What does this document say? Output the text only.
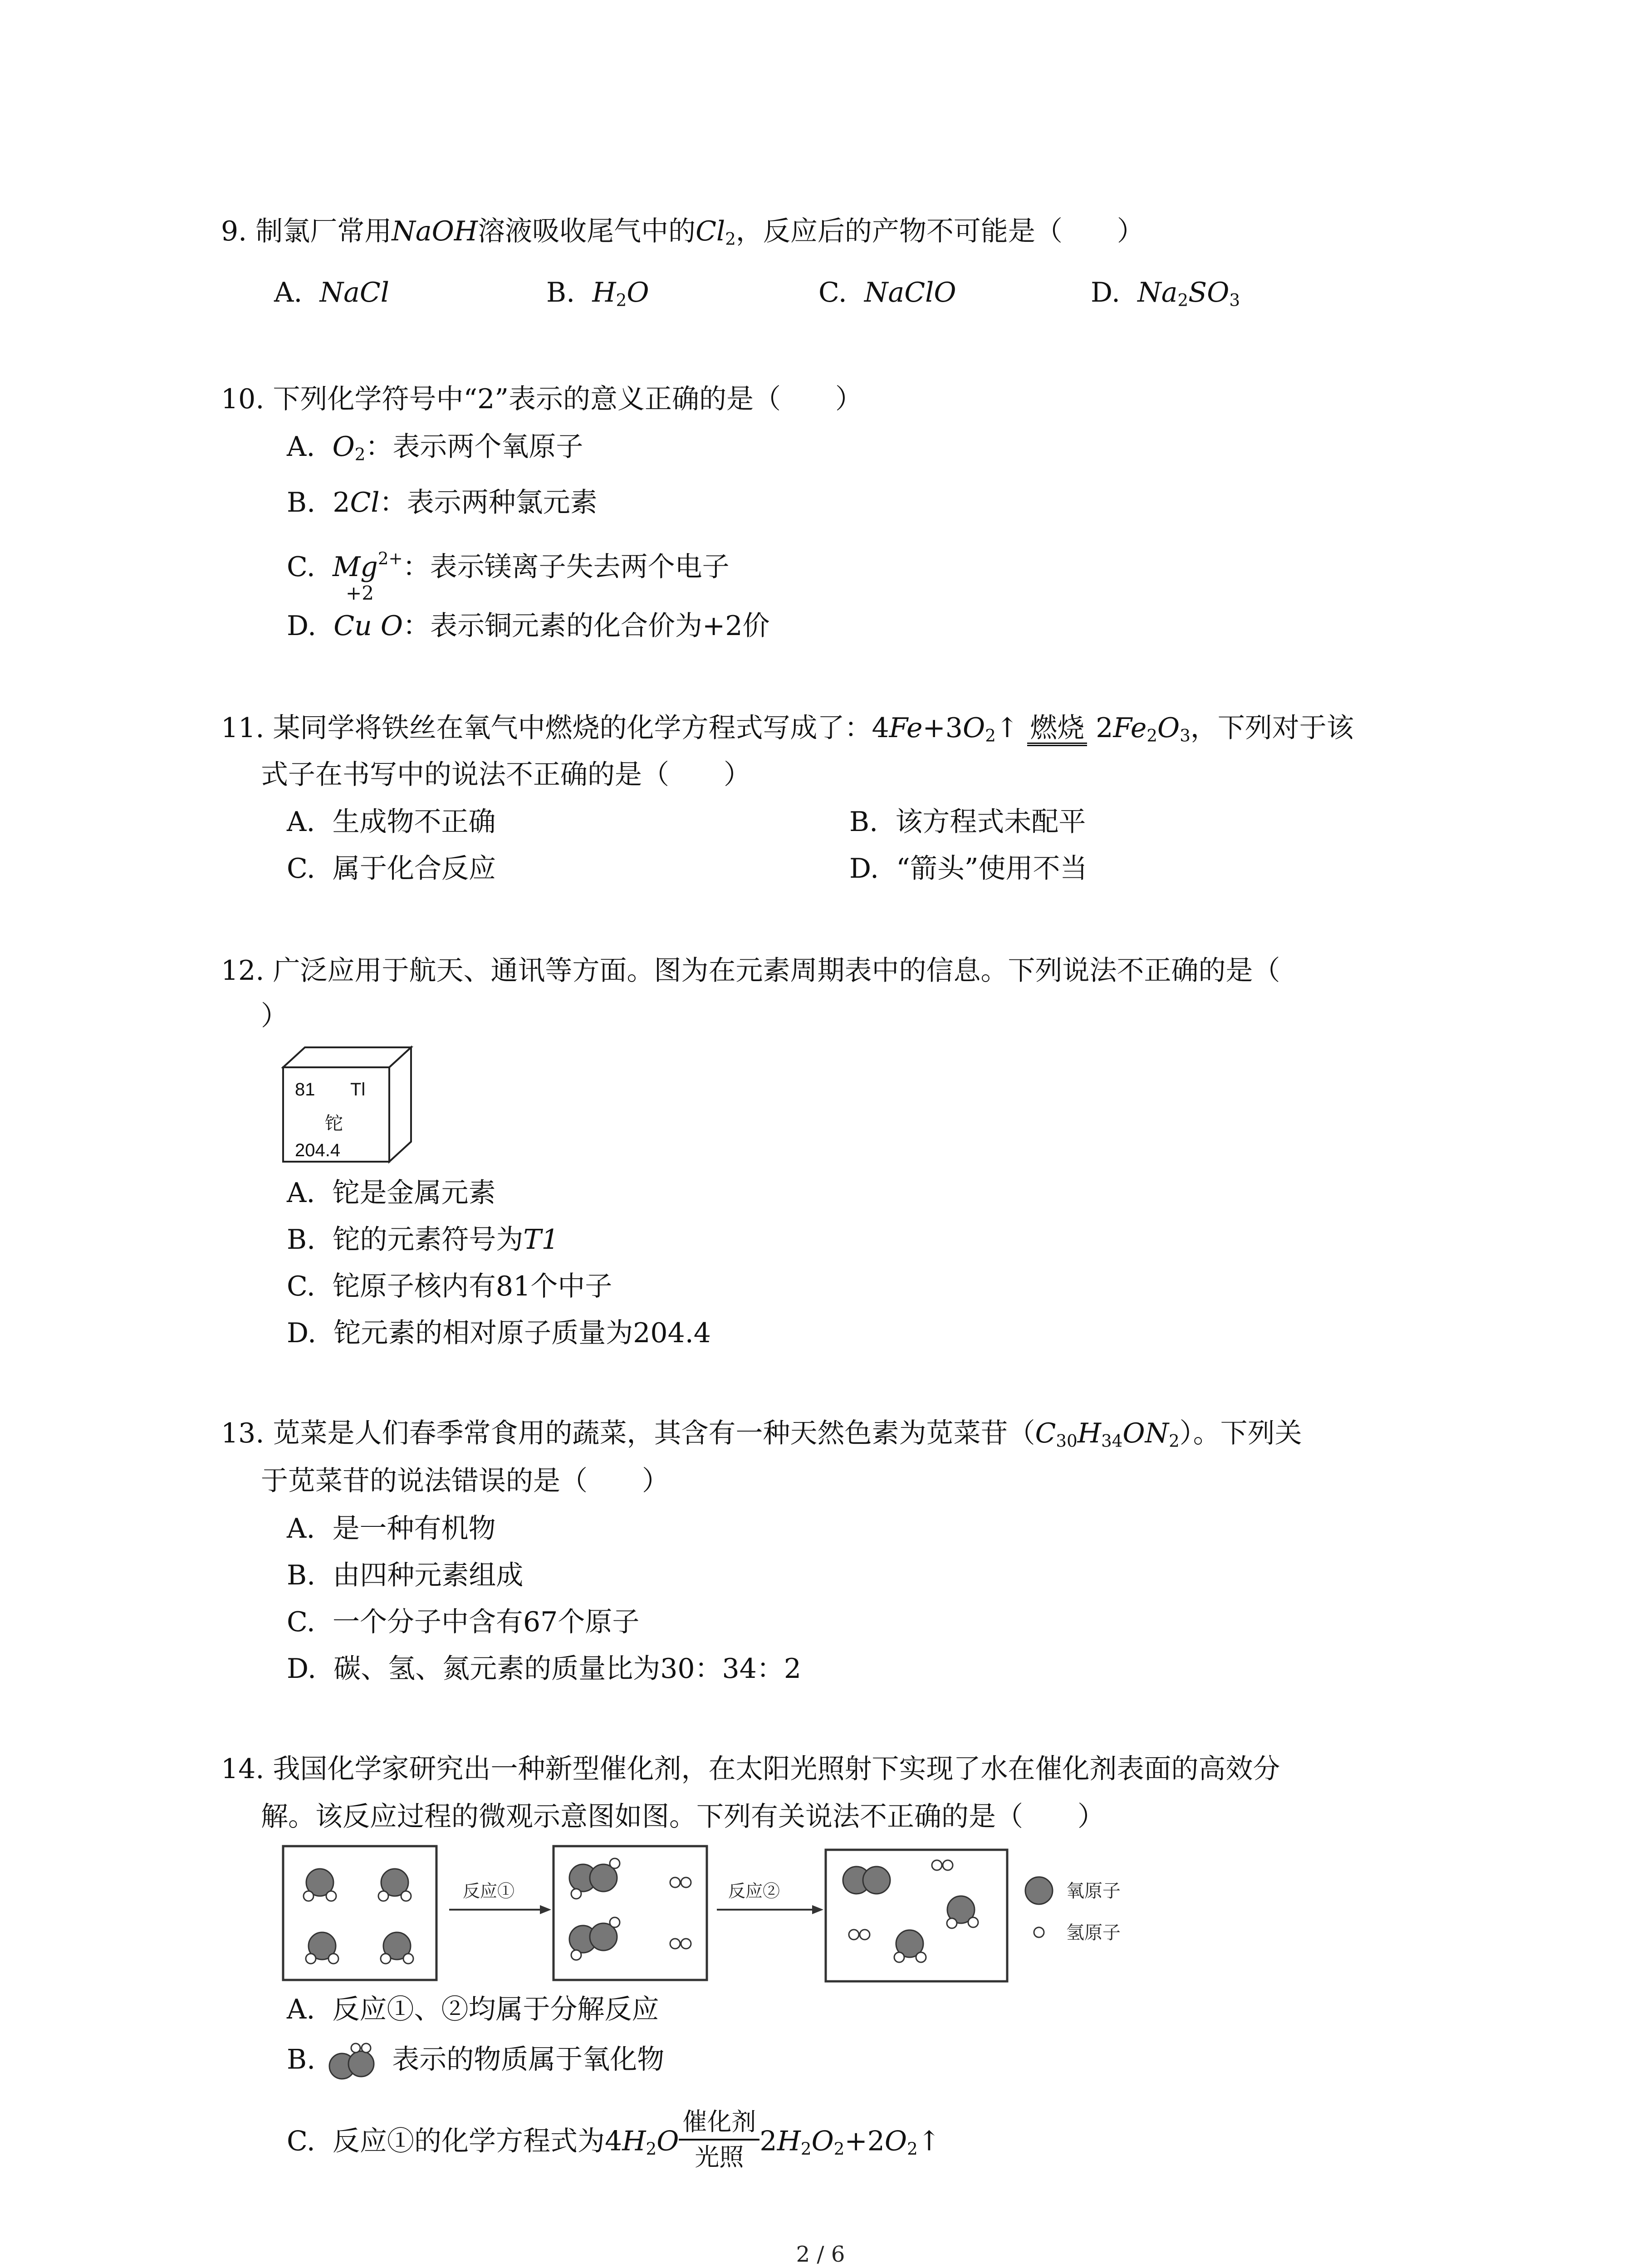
9. 制氯厂常用NaOH溶液吸收尾气中的$Cl_2$，反应后的产物不可能是（　　）
A. NaCl	B. $H_2O$	C. NaClO	D. $Na_2SO_3$
10. 下列化学符号中“2”表示的意义正确的是（　　）
A. $O_2$：表示两个氧原子
B. 2Cl：表示两种氯元素
C. $Mg^{2+}$：表示镁离子失去两个电子
+2
D. Cu O：表示铜元素的化合价为+2价
11. 某同学将铁丝在氧气中燃烧的化学方程式写成了：$4Fe+3O_2↑$ 燃烧 $2Fe_2O_3$，下列对于该
式子在书写中的说法不正确的是（　　）
A. 生成物不正确	B. 该方程式未配平
C. 属于化合反应	D. “箭头”使用不当
12. 广泛应用于航天、通讯等方面。图为在元素周期表中的信息。下列说法不正确的是（
）
81 Tl
铊
204.4
A. 铊是金属元素
B. 铊的元素符号为T1
C. 铊原子核内有81个中子
D. 铊元素的相对原子质量为204.4
13. 苋菜是人们春季常食用的蔬菜，其含有一种天然色素为苋菜苷$(C_{30}H_{34}ON_2)$。下列关
于苋菜苷的说法错误的是（　　）
A. 是一种有机物
B. 由四种元素组成
C. 一个分子中含有67个原子
D. 碳、氢、氮元素的质量比为30：34：2
14. 我国化学家研究出一种新型催化剂，在太阳光照射下实现了水在催化剂表面的高效分
解。该反应过程的微观示意图如图。下列有关说法不正确的是（　　）
反应①	反应②	氧原子
氢原子
A. 反应①、②均属于分解反应
B.	表示的物质属于氧化物
C. 反应①的化学方程式为$4H_2O \frac{\text{催化剂}}{\text{光照}}$ $2H_2O_2+2O_2↑$
2 / 6
